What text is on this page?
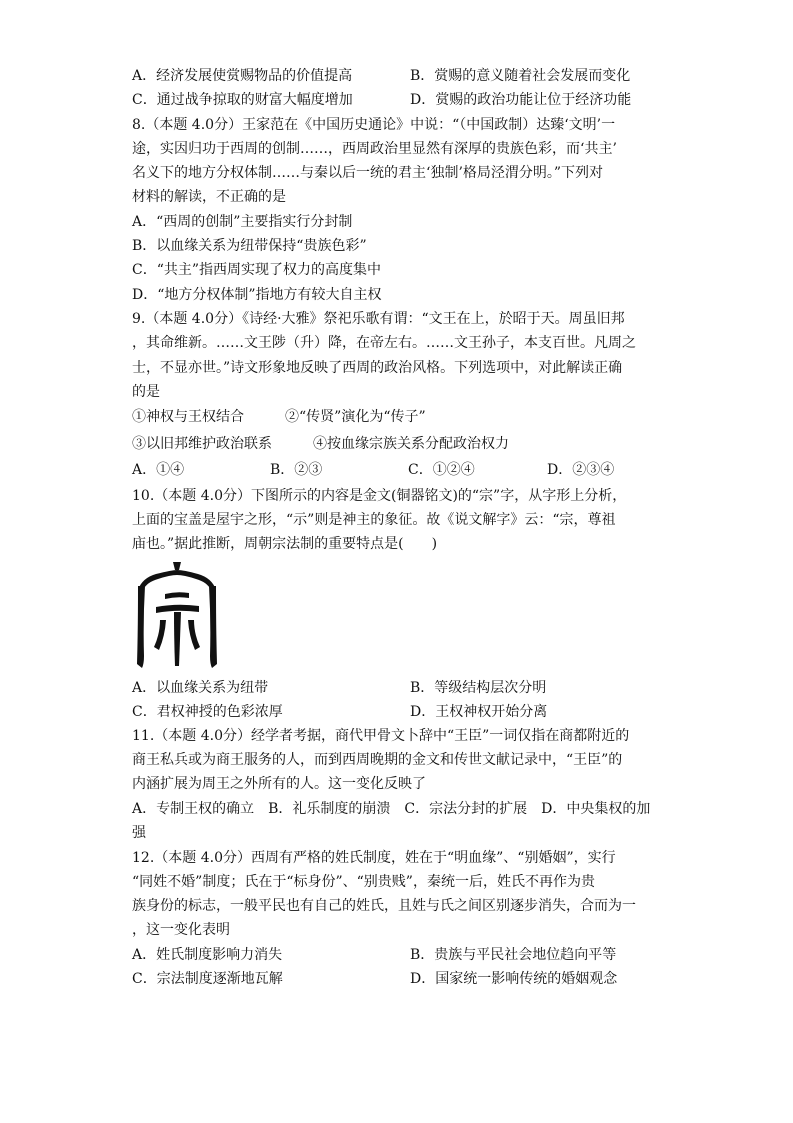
A．经济发展使赏赐物品的价值提高	B．赏赐的意义随着社会发展而变化
C．通过战争掠取的财富大幅度增加	D．赏赐的政治功能让位于经济功能
8.（本题 4.0分）王家范在《中国历史通论》中说：“（中国政制）达臻‘文明’一
途，实因归功于西周的创制……，西周政治里显然有深厚的贵族色彩，而‘共主’
名义下的地方分权体制……与秦以后一统的君主‘独制’格局泾渭分明。”下列对
材料的解读，不正确的是
A．“西周的创制”主要指实行分封制
B．以血缘关系为纽带保持“贵族色彩”
C．“共主”指西周实现了权力的高度集中
D．“地方分权体制”指地方有较大自主权
9.（本题 4.0分）《诗经·大雅》祭祀乐歌有谓：“文王在上，於昭于天。周虽旧邦
，其命维新。……文王陟（升）降，在帝左右。……文王孙子，本支百世。凡周之
士，不显亦世。”诗文形象地反映了西周的政治风格。下列选项中，对此解读正确
的是
①神权与王权结合	②“传贤”演化为“传子”
③以旧邦维护政治联系	④按血缘宗族关系分配政治权力
A．①④	B．②③	C．①②④	D．②③④
10.（本题 4.0分）下图所示的内容是金文(铜器铭文)的“宗”字，从字形上分析，
上面的宝盖是屋宇之形，“示”则是神主的象征。故《说文解字》云：“宗，尊祖
庙也。”据此推断，周朝宗法制的重要特点是(　　)
A．以血缘关系为纽带	B．等级结构层次分明
C．君权神授的色彩浓厚	D．王权神权开始分离
11.（本题 4.0分）经学者考据，商代甲骨文卜辞中“王臣”一词仅指在商都附近的
商王私兵或为商王服务的人，而到西周晚期的金文和传世文献记录中，“王臣”的
内涵扩展为周王之外所有的人。这一变化反映了
A．专制王权的确立　B．礼乐制度的崩溃　C．宗法分封的扩展　D．中央集权的加
强
12.（本题 4.0分）西周有严格的姓氏制度，姓在于“明血缘”、“别婚姻”，实行
“同姓不婚”制度；氏在于“标身份”、“别贵贱”，秦统一后，姓氏不再作为贵
族身份的标志，一般平民也有自己的姓氏，且姓与氏之间区别逐步消失，合而为一
，这一变化表明
A．姓氏制度影响力消失	B．贵族与平民社会地位趋向平等
C．宗法制度逐渐地瓦解	D．国家统一影响传统的婚姻观念
